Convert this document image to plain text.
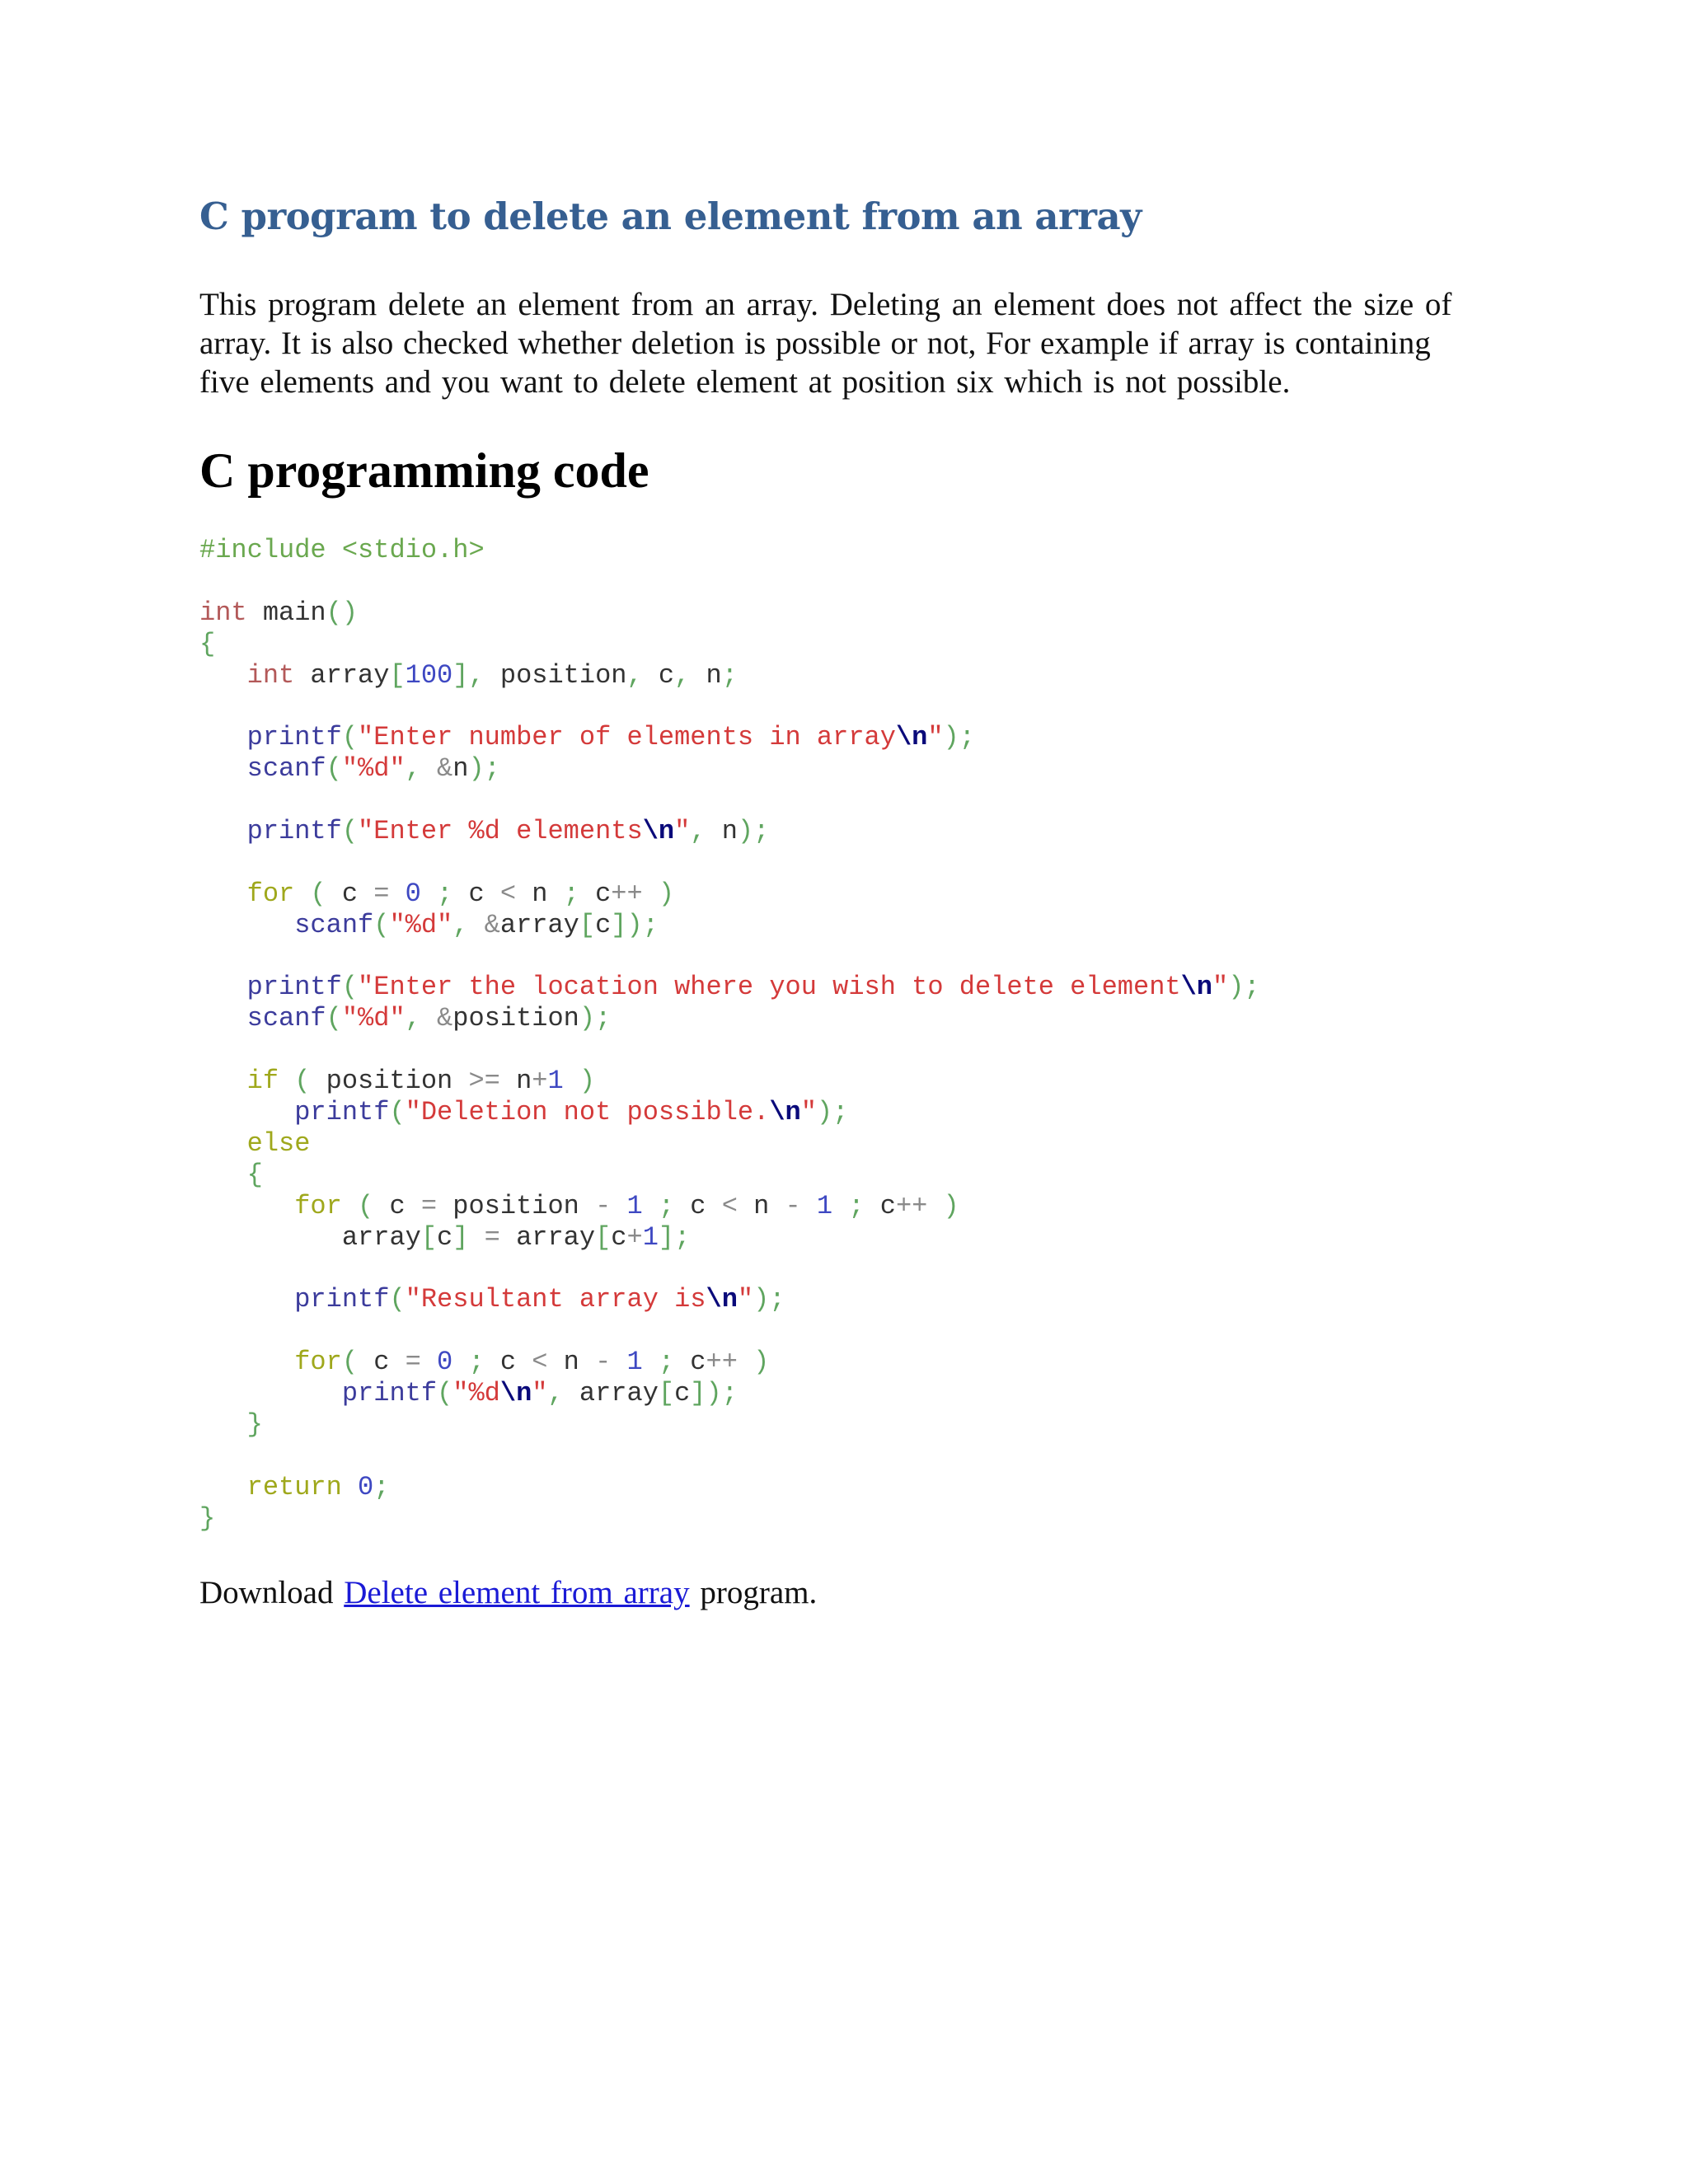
C program to delete an element from an array

This program delete an element from an array. Deleting an element does not affect the size of
array. It is also checked whether deletion is possible or not, For example if array is containing
five elements and you want to delete element at position six which is not possible.

C programming code
#include <stdio.h>
int main()
{
int array[100], position, c, n;
printf("Enter number of elements in array\n");
scanf("%d", &n);
printf("Enter %d elements\n", n);
for ( c = 0 ; c < n ; c++ )
scanf("%d", &array[c]);
printf("Enter the location where you wish to delete element\n");
scanf("%d", &position);
if ( position >= n+1 )
printf("Deletion not possible.\n");
else
{
for ( c = position - 1 ; c < n - 1 ; c++ )
array[c] = array[c+1];
printf("Resultant array is\n");
for( c = 0 ; c < n - 1 ; c++ )
printf("%d\n", array[c]);
}
return 0;
}

Download Delete element from array program.
